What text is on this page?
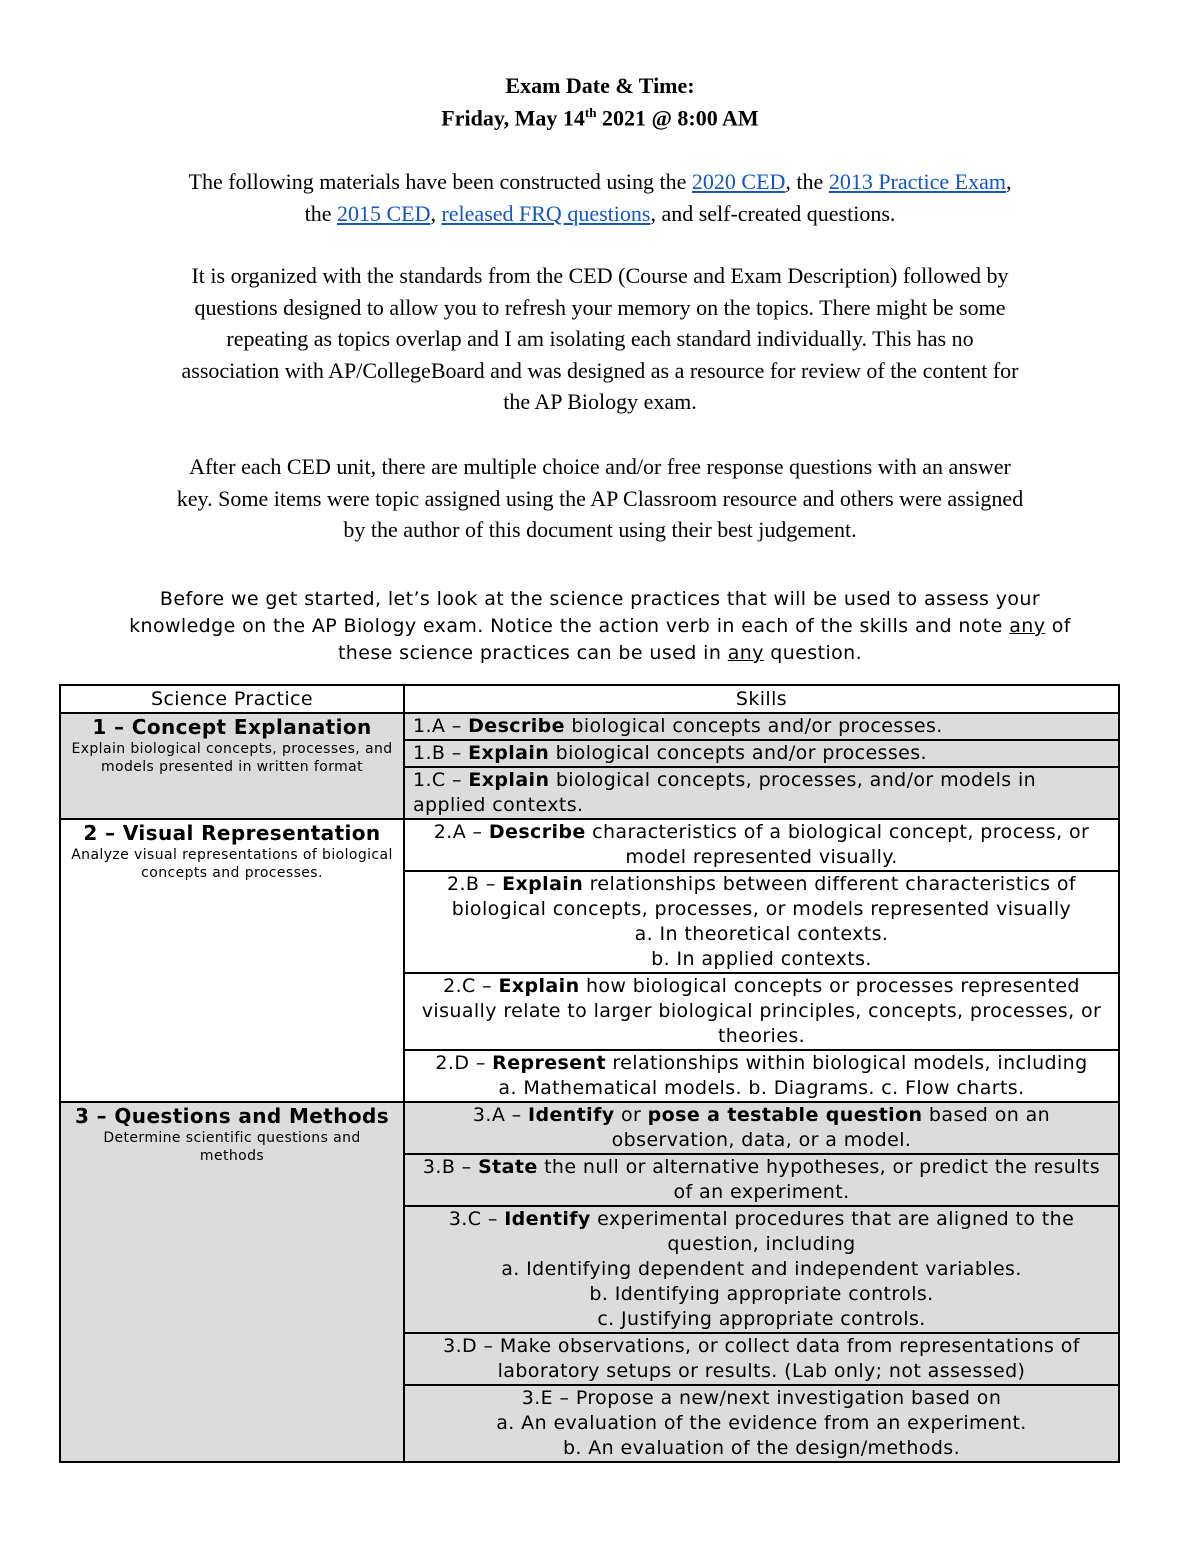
Exam Date & Time:
Friday, May 14th 2021 @ 8:00 AM
The following materials have been constructed using the 2020 CED, the 2013 Practice Exam,
the 2015 CED, released FRQ questions, and self-created questions.
It is organized with the standards from the CED (Course and Exam Description) followed by
questions designed to allow you to refresh your memory on the topics. There might be some
repeating as topics overlap and I am isolating each standard individually. This has no
association with AP/CollegeBoard and was designed as a resource for review of the content for
the AP Biology exam.
After each CED unit, there are multiple choice and/or free response questions with an answer
key. Some items were topic assigned using the AP Classroom resource and others were assigned
by the author of this document using their best judgement.
Before we get started, let’s look at the science practices that will be used to assess your
knowledge on the AP Biology exam. Notice the action verb in each of the skills and note any of
these science practices can be used in any question.
Science Practice	Skills

1 – Concept Explanation
Explain biological concepts, processes, and models presented in written format	1.A – Describe biological concepts and/or processes.
	1.B – Explain biological concepts and/or processes.
	1.C – Explain biological concepts, processes, and/or models in applied contexts.

2 – Visual Representation
Analyze visual representations of biological concepts and processes.	2.A – Describe characteristics of a biological concept, process, or model represented visually.
	2.B – Explain relationships between different characteristics of biological concepts, processes, or models represented visually
a. In theoretical contexts.
b. In applied contexts.
	2.C – Explain how biological concepts or processes represented visually relate to larger biological principles, concepts, processes, or theories.
	2.D – Represent relationships within biological models, including
a. Mathematical models. b. Diagrams. c. Flow charts.

3 – Questions and Methods
Determine scientific questions and methods	3.A – Identify or pose a testable question based on an observation, data, or a model.
	3.B – State the null or alternative hypotheses, or predict the results of an experiment.
	3.C – Identify experimental procedures that are aligned to the question, including
a. Identifying dependent and independent variables.
b. Identifying appropriate controls.
c. Justifying appropriate controls.
	3.D – Make observations, or collect data from representations of laboratory setups or results. (Lab only; not assessed)
	3.E – Propose a new/next investigation based on
a. An evaluation of the evidence from an experiment.
b. An evaluation of the design/methods.
